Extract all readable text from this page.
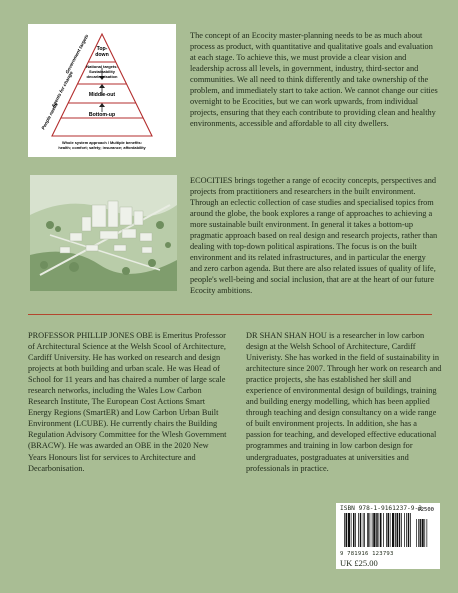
Top-
down
National targets:
Sustainability
decarbonisation
Middle-out
Bottom-up
Whole system approach / Multiple benefits:
health; comfort; safety; insurance; affordability
Government targets
Agents for change
People needs
The concept of an Ecocity master-planning needs to be as much about process as product, with quantitative and qualitative goals and evaluation at each stage. To achieve this, we must provide a clear vision and leadership across all levels, in government, industry, third-sector and communities. We all need to think differently and take ownership of the problem, and immediately start to take action. We cannot change our cities overnight to be Ecocities, but we can work upwards, from individual projects, ensuring that they each contribute to providing clean and healthy environments, accessible and affordable to all city dwellers.
ECOCITIES brings together a range of ecocity concepts, perspectives and projects from practitioners and researchers in the built environment. Through an eclectic collection of case studies and specialised topics from around the globe, the book explores a range of approaches to achieving a more sustainable built environment. In general it takes a bottom-up pragmatic approach based on real design and research projects, rather than dealing with top-down political aspirations. The focus is on the built environment and its related infrastructures, and in particular the energy and zero carbon agenda. But there are also related issues of quality of life, people's well-being and social inclusion, that are at the heart of our future Ecocity ambitions.
PROFESSOR PHILLIP JONES OBE is Emeritus Professor of Architectural Science at the Welsh Scool of Architecture, Cardiff University. He has worked on research and design projects at both building and urban scale. He was Head of School for 11 years and has chaired a number of large scale research networks, including the Wales Low Carbon Research Institute, The European Cost Actions Smart Energy Regions (SmartER) and Low Carbon Urban Built Environment (LCUBE). He currently chairs the Building Regulation Advisory Committee for the Wlesh Government (BRACW). He was awarded an OBE in the 2020 New Years Honours list for services to Architecture and Decarbonisation.
DR SHAN SHAN HOU is a researcher in low carbon design at the Welsh School of Architecture, Cardiff Univeristy. She has worked in the field of sustainability in architecture since 2007. Through her work on research and practice projects, she has established her skill and experience of environmental design of buildings, training and building energy modelling, which has been applied through teaching and design consultancy on a wide range of built environment projects. In addition, she has a passion for teaching, and developed effective educational programmes and training in low carbon design for undergraduates, postgraduates at universities and professionals in practice.
ISBN 978-1-9161237-9-3
02500
9 781916 123793
UK £25.00
